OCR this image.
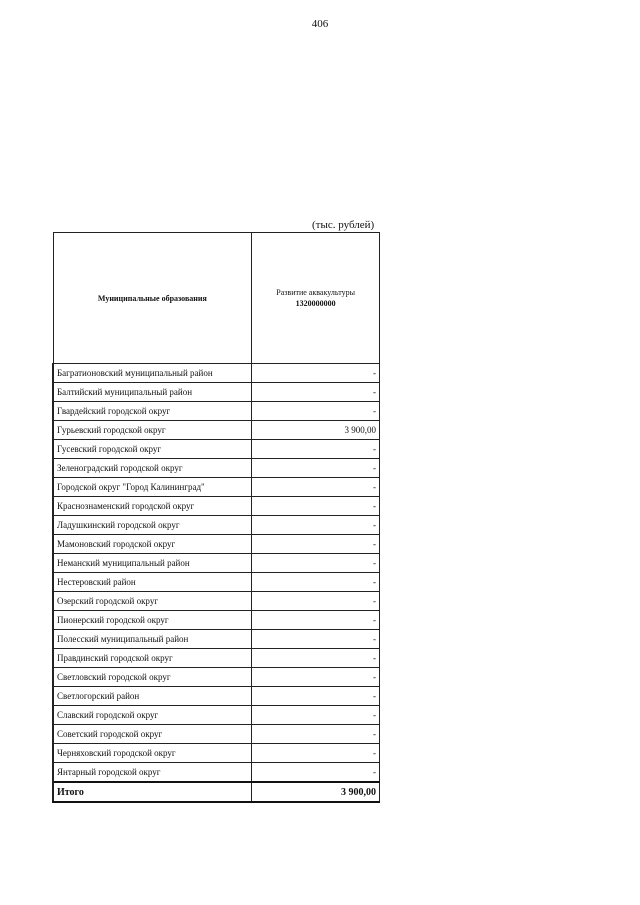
406
(тыс. рублей)
Муниципальные образования	Развитие аквакультуры
1320000000

Багратионовский муниципальный район	-
Балтийский муниципальный район	-
Гвардейский городской округ	-
Гурьевский городской округ	3 900,00
Гусевский городской округ	-
Зеленоградский городской округ	-
Городской округ "Город Калининград"	-
Краснознаменский городской округ	-
Ладушкинский городской округ	-
Мамоновский городской округ	-
Неманский муниципальный район	-
Нестеровский район	-
Озерский городской округ	-
Пионерский городской округ	-
Полесский муниципальный район	-
Правдинский городской округ	-
Светловский городской округ	-
Светлогорский район	-
Славский городской округ	-
Советский городской округ	-
Черняховский городской округ	-
Янтарный городской округ	-
Итого	3 900,00
